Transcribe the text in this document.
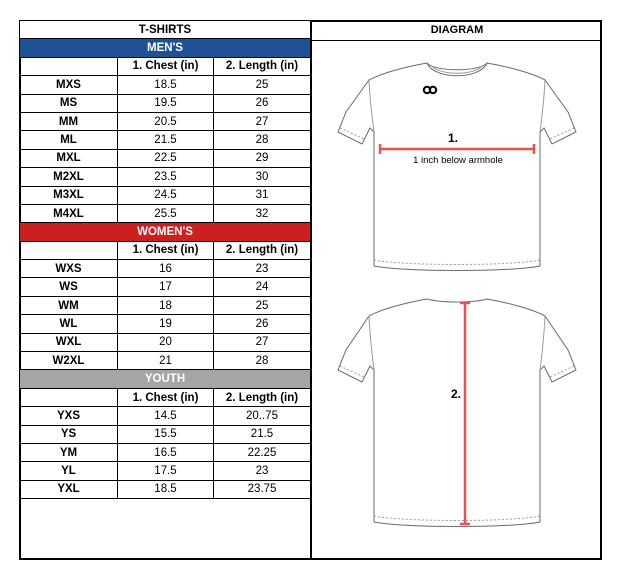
T-SHIRTS		
MEN'S		
	1. Chest (in)	2. Length (in)
MXS	18.5	25
MS	19.5	26
MM	20.5	27
ML	21.5	28
MXL	22.5	29
M2XL	23.5	30
M3XL	24.5	31
M4XL	25.5	32
WOMEN'S		
	1. Chest (in)	2. Length (in)
WXS	16	23
WS	17	24
WM	18	25
WL	19	26
WXL	20	27
W2XL	21	28
YOUTH		
	1. Chest (in)	2. Length (in)
YXS	14.5	20..75
YS	15.5	21.5
YM	16.5	22.25
YL	17.5	23
YXL	18.5	23.75
DIAGRAM
1.
1 inch below armhole
2.
